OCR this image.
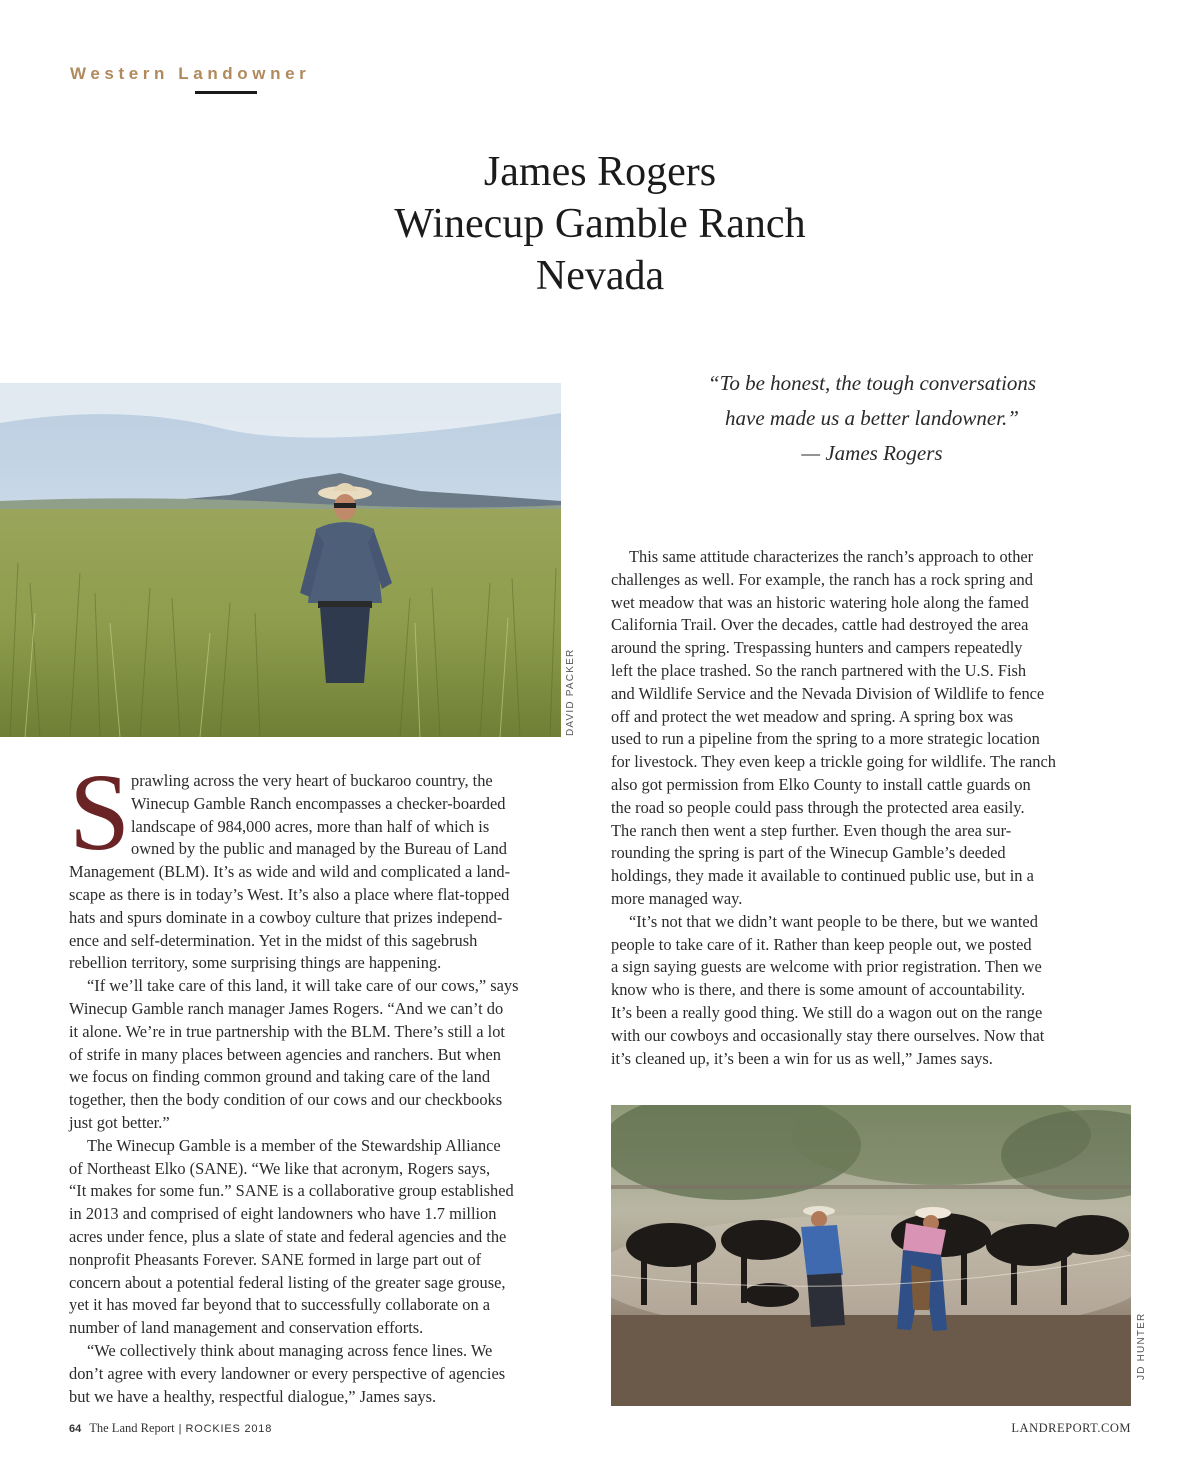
Western Landowner
James Rogers
Winecup Gamble Ranch
Nevada
DAVID PACKER
“To be honest, the tough conversations
have made us a better landowner.”
— James Rogers
S prawling across the very heart of buckaroo country, the
Winecup Gamble Ranch encompasses a checker-boarded
landscape of 984,000 acres, more than half of which is
owned by the public and managed by the Bureau of Land
Management (BLM). It’s as wide and wild and complicated a land-
scape as there is in today’s West. It’s also a place where flat-topped
hats and spurs dominate in a cowboy culture that prizes independ-
ence and self-determination. Yet in the midst of this sagebrush
rebellion territory, some surprising things are happening.
“If we’ll take care of this land, it will take care of our cows,” says
Winecup Gamble ranch manager James Rogers. “And we can’t do
it alone. We’re in true partnership with the BLM. There’s still a lot
of strife in many places between agencies and ranchers. But when
we focus on finding common ground and taking care of the land
together, then the body condition of our cows and our checkbooks
just got better.”
The Winecup Gamble is a member of the Stewardship Alliance
of Northeast Elko (SANE). “We like that acronym, Rogers says,
“It makes for some fun.” SANE is a collaborative group established
in 2013 and comprised of eight landowners who have 1.7 million
acres under fence, plus a slate of state and federal agencies and the
nonprofit Pheasants Forever. SANE formed in large part out of
concern about a potential federal listing of the greater sage grouse,
yet it has moved far beyond that to successfully collaborate on a
number of land management and conservation efforts.
“We collectively think about managing across fence lines. We
don’t agree with every landowner or every perspective of agencies
but we have a healthy, respectful dialogue,” James says.
This same attitude characterizes the ranch’s approach to other
challenges as well. For example, the ranch has a rock spring and
wet meadow that was an historic watering hole along the famed
California Trail. Over the decades, cattle had destroyed the area
around the spring. Trespassing hunters and campers repeatedly
left the place trashed. So the ranch partnered with the U.S. Fish
and Wildlife Service and the Nevada Division of Wildlife to fence
off and protect the wet meadow and spring. A spring box was
used to run a pipeline from the spring to a more strategic location
for livestock. They even keep a trickle going for wildlife. The ranch
also got permission from Elko County to install cattle guards on
the road so people could pass through the protected area easily.
The ranch then went a step further. Even though the area sur-
rounding the spring is part of the Winecup Gamble’s deeded
holdings, they made it available to continued public use, but in a
more managed way.
“It’s not that we didn’t want people to be there, but we wanted
people to take care of it. Rather than keep people out, we posted
a sign saying guests are welcome with prior registration. Then we
know who is there, and there is some amount of accountability.
It’s been a really good thing. We still do a wagon out on the range
with our cowboys and occasionally stay there ourselves. Now that
it’s cleaned up, it’s been a win for us as well,” James says.
JD HUNTER
64 The Land Report | ROCKIES 2018	LANDREPORT.COM
